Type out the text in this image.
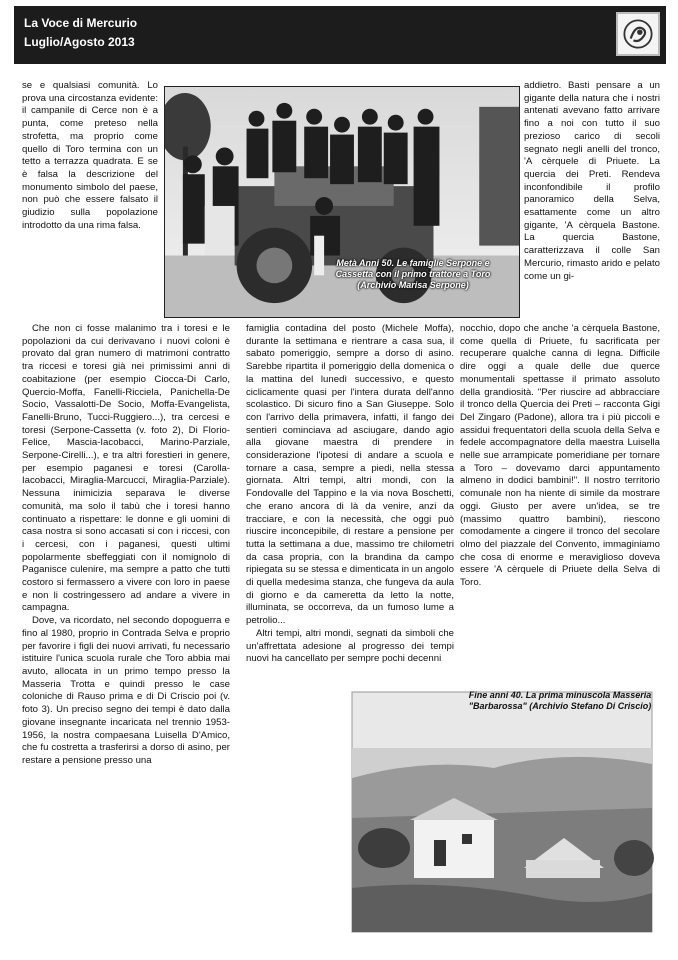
La Voce di Mercurio
Luglio/Agosto 2013
Metà Anni 50. Le famiglie Serpone e Cassetta con il primo trattore a Toro (Archivio Marisa Serpone)

se e qualsiasi comunità. Lo prova una circostanza evidente: il campanile di Cerce non è a punta, come preteso nella strofetta, ma proprio come quello di Toro termina con un tetto a terrazza quadrata. E se è falsa la descrizione del monumento simbolo del paese, non può che essere falsato il giudizio sulla popolazione introdotto da una rima falsa.

Che non ci fosse malanimo tra i toresi e le popolazioni da cui derivavano i nuovi coloni è provato dal gran numero di matrimoni contratto tra riccesi e toresi già nei primissimi anni di coabitazione (per esempio Ciocca-Di Carlo, Quercio-Moffa, Fanelli-Ricciela, Panichella-De Socio, Vassalotti-De Socio, Moffa-Evangelista, Fanelli-Bruno, Tucci-Ruggiero...), tra cercesi e toresi (Serpone-Cassetta (v. foto 2), Di Florio-Felice, Mascia-Iacobacci, Marino-Parziale, Serpone-Cirelli...), e tra altri forestieri in genere, per esempio paganesi e toresi (Carolla-Iacobacci, Miraglia-Marcucci, Miraglia-Parziale). Nessuna inimicizia separava le diverse comunità, ma solo il tabù che i toresi hanno continuato a rispettare: le donne e gli uomini di casa nostra si sono accasati si con i riccesi, con i cercesi, con i paganesi, questi ultimi popolarmente sbeffeggiati con il nomignolo di Paganisce culenire, ma sempre a patto che tutti costoro si fermassero a vivere con loro in paese e non li costringessero ad andare a vivere in campagna.

Dove, va ricordato, nel secondo dopoguerra e fino al 1980, proprio in Contrada Selva e proprio per favorire i figli dei nuovi arrivati, fu necessario istituire l'unica scuola rurale che Toro abbia mai avuto, allocata in un primo tempo presso la Masseria Trotta e quindi presso le case coloniche di Rauso prima e di Di Criscio poi (v. foto 3). Un preciso segno dei tempi è dato dalla giovane insegnante incaricata nel trennio 1953-1956, la nostra compaesana Luisella D'Amico, che fu costretta a trasferirsi a dorso di asino, per restare a pensione presso una

famiglia contadina del posto (Michele Moffa), durante la settimana e rientrare a casa sua, il sabato pomeriggio, sempre a dorso di asino. Sarebbe ripartita il pomeriggio della domenica o la mattina del lunedì successivo, e questo ciclicamente quasi per l'intera durata dell'anno scolastico. Di sicuro fino a San Giuseppe. Solo con l'arrivo della primavera, infatti, il fango dei sentieri cominciava ad asciugare, dando agio alla giovane maestra di prendere in considerazione l'ipotesi di andare a scuola e tornare a casa, sempre a piedi, nella stessa giornata. Altri tempi, altri mondi, con la Fondovalle del Tappino e la via nova Boschetti, che erano ancora di là da venire, anzi da tracciare, e con la necessità, che oggi può riuscire inconcepibile, di restare a pensione per tutta la settimana a due, massimo tre chilometri da casa propria, con la brandina da campo ripiegata su se stessa e dimenticata in un angolo di quella medesima stanza, che fungeva da aula di giorno e da cameretta da letto la notte, illuminata, se occorreva, da un fumoso lume a petrolio...

Altri tempi, altri mondi, segnati da simboli che un'affrettata adesione al progresso dei tempi nuovi ha cancellato per sempre pochi decenni

addietro. Basti pensare a un gigante della natura che i nostri antenati avevano fatto arrivare fino a noi con tutto il suo prezioso carico di secoli segnato negli anelli del tronco, 'A cèrquele di Priuete. La quercia dei Preti. Rendeva inconfondibile il profilo panoramico della Selva, esattamente come un altro gigante, 'A cèrquela Bastone. La quercia Bastone, caratterizzava il colle San Mercurio, rimasto arido e pelato come un gi-

nocchio, dopo che anche 'a cèrquela Bastone, come quella di Priuete, fu sacrificata per recuperare qualche canna di legna. Difficile dire oggi a quale delle due querce monumentali spettasse il primato assoluto della grandiosità. "Per riuscire ad abbracciare il tronco della Quercia dei Preti – racconta Gigi Del Zingaro (Padone), allora tra i più piccoli e assidui frequentatori della scuola della Selva e fedele accompagnatore della maestra Luisella nelle sue arrampicate pomeridiane per tornare a Toro – dovevamo darci appuntamento almeno in dodici bambini!". Il nostro territorio comunale non ha niente di simile da mostrare oggi. Giusto per avere un'idea, se tre (massimo quattro bambini), riescono comodamente a cingere il tronco del secolare olmo del piazzale del Convento, immaginiamo che cosa di enorme e meraviglioso doveva essere 'A cèrquele di Priuete della Selva di Toro.

Fine anni 40. La prima minuscola Masseria "Barbarossa" (Archivio Stefano Di Criscio)
